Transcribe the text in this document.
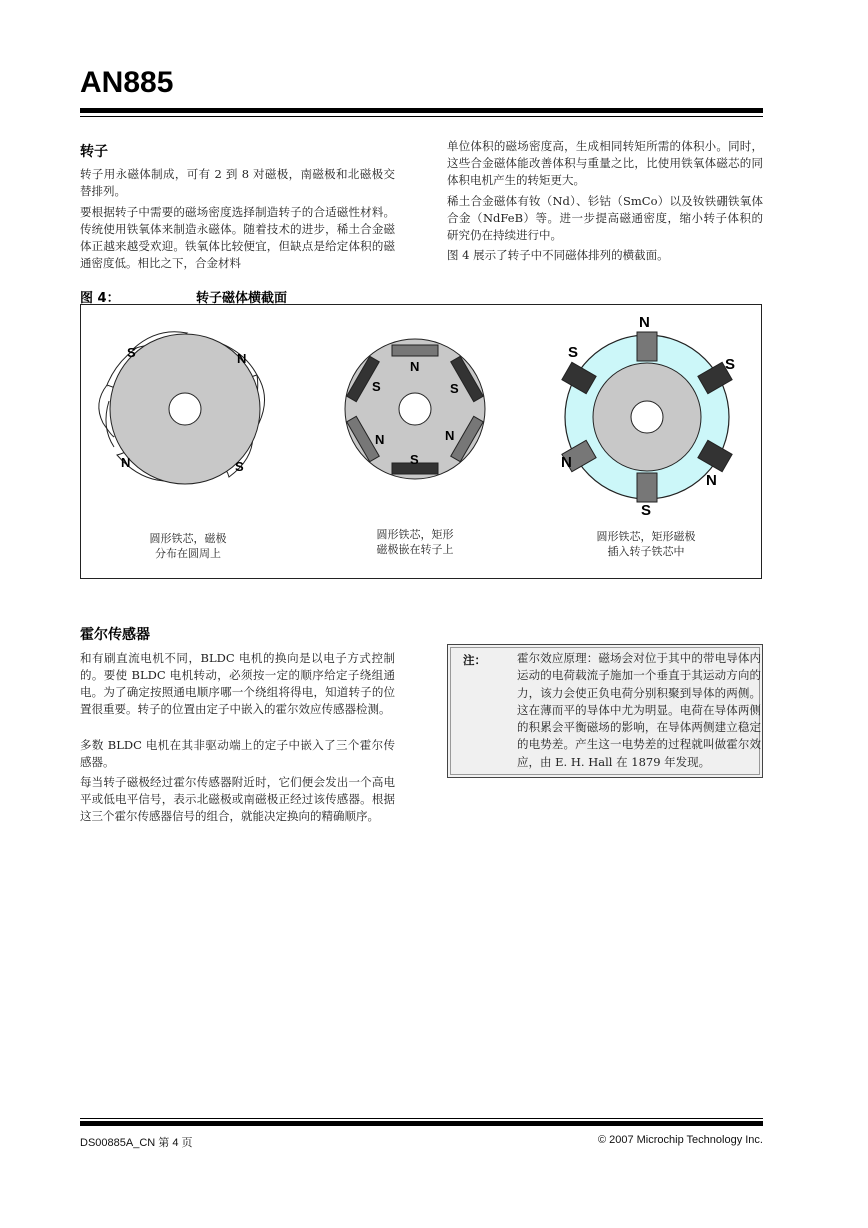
AN885
转子
转子用永磁体制成，可有 2 到 8 对磁极，南磁极和北磁极交替排列。
要根据转子中需要的磁场密度选择制造转子的合适磁性材料。传统使用铁氧体来制造永磁体。随着技术的进步，稀土合金磁体正越来越受欢迎。铁氧体比较便宜，但缺点是给定体积的磁通密度低。相比之下，合金材料
单位体积的磁场密度高，生成相同转矩所需的体积小。同时，这些合金磁体能改善体积与重量之比，比使用铁氧体磁芯的同体积电机产生的转矩更大。
稀土合金磁体有钕（Nd）、钐钴（SmCo）以及钕铁硼铁氧体合金（NdFeB）等。进一步提高磁通密度，缩小转子体积的研究仍在持续进行中。
图 4 展示了转子中不同磁体排列的横截面。
图 4：	转子磁体横截面
S	N
N	S
N
S	S
N	N
S
N
S
S
N
N
S
圆形铁芯，磁极
分布在圆周上
圆形铁芯，矩形
磁极嵌在转子上
圆形铁芯，矩形磁极
插入转子铁芯中
霍尔传感器
和有刷直流电机不同，BLDC 电机的换向是以电子方式控制的。要使 BLDC 电机转动，必须按一定的顺序给定子绕组通电。为了确定按照通电顺序哪一个绕组将得电，知道转子的位置很重要。转子的位置由定子中嵌入的霍尔效应传感器检测。
多数 BLDC 电机在其非驱动端上的定子中嵌入了三个霍尔传感器。
每当转子磁极经过霍尔传感器附近时，它们便会发出一个高电平或低电平信号，表示北磁极或南磁极正经过该传感器。根据这三个霍尔传感器信号的组合，就能决定换向的精确顺序。
注：	霍尔效应原理：磁场会对位于其中的带电导体内运动的电荷载流子施加一个垂直于其运动方向的力，该力会使正负电荷分别积聚到导体的两侧。这在薄而平的导体中尤为明显。电荷在导体两侧的积累会平衡磁场的影响，在导体两侧建立稳定的电势差。产生这一电势差的过程就叫做霍尔效应，由 E. H. Hall 在 1879 年发现。
DS00885A_CN 第 4 页	© 2007 Microchip Technology Inc.
